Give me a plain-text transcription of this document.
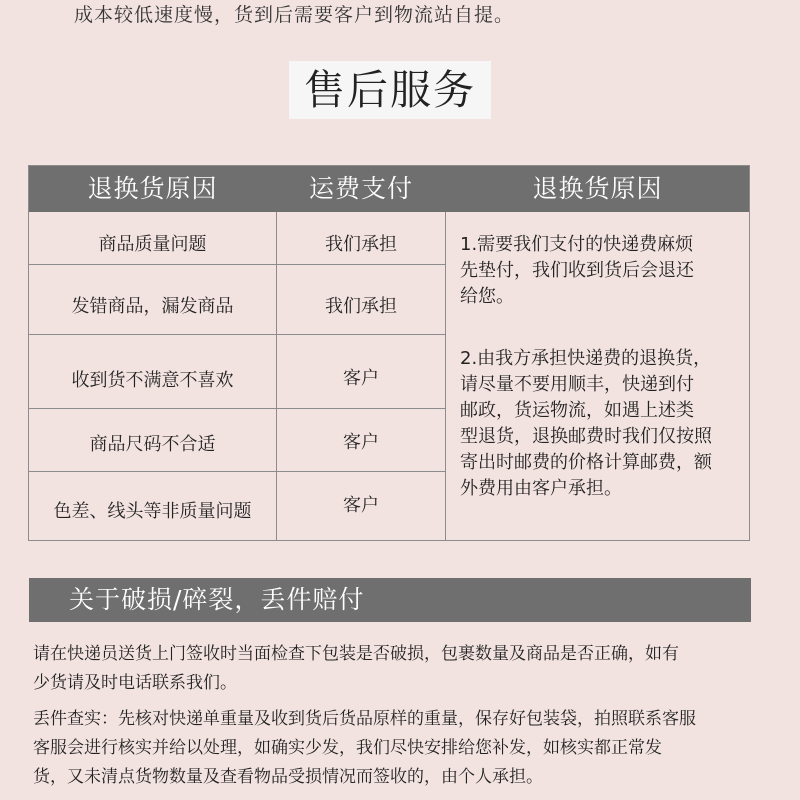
成本较低速度慢，货到后需要客户到物流站自提。
售后服务
退换货原因	运费支付	退换货原因
商品质量问题	我们承担
发错商品，漏发商品	我们承担
收到货不满意不喜欢	客户
商品尺码不合适	客户
色差、线头等非质量问题	客户
1.需要我们支付的快递费麻烦
先垫付，我们收到货后会退还
给您。
2.由我方承担快递费的退换货，
请尽量不要用顺丰，快递到付
邮政，货运物流，如遇上述类
型退货，退换邮费时我们仅按照
寄出时邮费的价格计算邮费，额
外费用由客户承担。
关于破损/碎裂，丢件赔付
请在快递员送货上门签收时当面检查下包装是否破损，包裹数量及商品是否正确，如有
少货请及时电话联系我们。
丢件查实：先核对快递单重量及收到货后货品原样的重量，保存好包装袋，拍照联系客服
客服会进行核实并给以处理，如确实少发，我们尽快安排给您补发，如核实都正常发
货，又未清点货物数量及查看物品受损情况而签收的，由个人承担。
